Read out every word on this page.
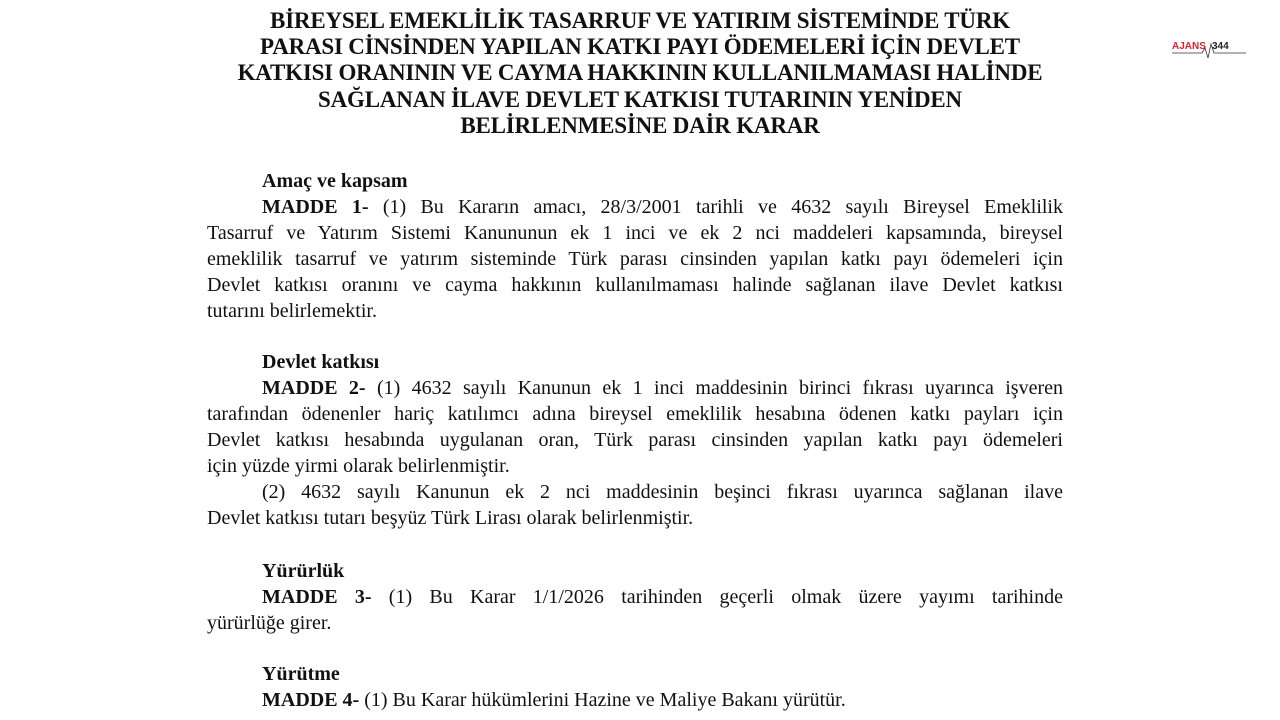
AJANS 344
BİREYSEL EMEKLİLİK TASARRUF VE YATIRIM SİSTEMİNDE TÜRK
PARASI CİNSİNDEN YAPILAN KATKI PAYI ÖDEMELERİ İÇİN DEVLET
KATKISI ORANININ VE CAYMA HAKKININ KULLANILMAMASI HALİNDE
SAĞLANAN İLAVE DEVLET KATKISI TUTARININ YENİDEN
BELİRLENMESİNE DAİR KARAR
Amaç ve kapsam
MADDE 1- (1) Bu Kararın amacı, 28/3/2001 tarihli ve 4632 sayılı Bireysel Emeklilik
Tasarruf ve Yatırım Sistemi Kanununun ek 1 inci ve ek 2 nci maddeleri kapsamında, bireysel
emeklilik tasarruf ve yatırım sisteminde Türk parası cinsinden yapılan katkı payı ödemeleri için
Devlet katkısı oranını ve cayma hakkının kullanılmaması halinde sağlanan ilave Devlet katkısı
tutarını belirlemektir.
Devlet katkısı
MADDE 2- (1) 4632 sayılı Kanunun ek 1 inci maddesinin birinci fıkrası uyarınca işveren
tarafından ödenenler hariç katılımcı adına bireysel emeklilik hesabına ödenen katkı payları için
Devlet katkısı hesabında uygulanan oran, Türk parası cinsinden yapılan katkı payı ödemeleri
için yüzde yirmi olarak belirlenmiştir.
(2) 4632 sayılı Kanunun ek 2 nci maddesinin beşinci fıkrası uyarınca sağlanan ilave
Devlet katkısı tutarı beşyüz Türk Lirası olarak belirlenmiştir.
Yürürlük
MADDE 3- (1) Bu Karar 1/1/2026 tarihinden geçerli olmak üzere yayımı tarihinde
yürürlüğe girer.
Yürütme
MADDE 4- (1) Bu Karar hükümlerini Hazine ve Maliye Bakanı yürütür.
